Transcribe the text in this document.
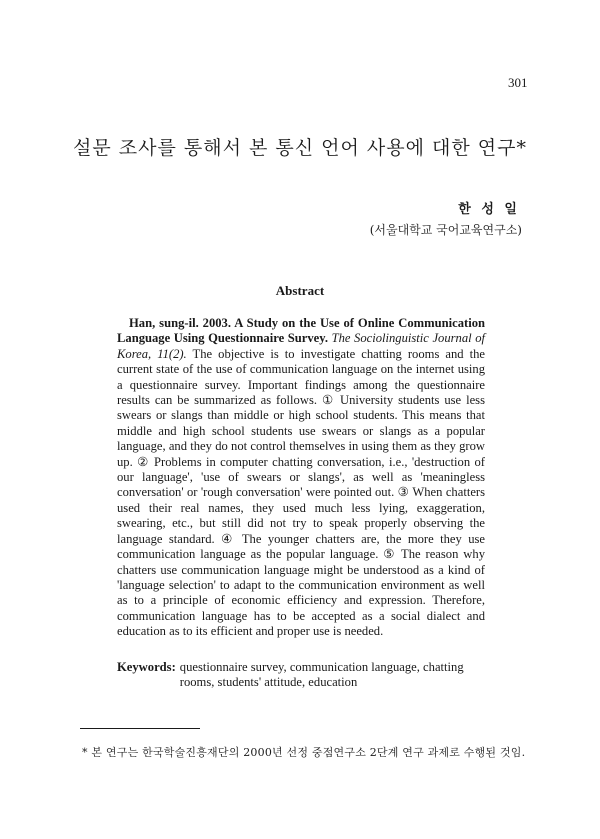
301
설문 조사를 통해서 본 통신 언어 사용에 대한 연구*
한 성 일
(서울대학교 국어교육연구소)
Abstract

Han, sung-il. 2003. A Study on the Use of Online Communication Language Using Questionnaire Survey. The Sociolinguistic Journal of Korea, 11(2). The objective is to investigate chatting rooms and the current state of the use of communication language on the internet using a questionnaire survey. Important findings among the questionnaire results can be summarized as follows. ① University students use less swears or slangs than middle or high school students. This means that middle and high school students use swears or slangs as a popular language, and they do not control themselves in using them as they grow up. ② Problems in computer chatting conversation, i.e., 'destruction of our language', 'use of swears or slangs', as well as 'meaningless conversation' or 'rough conversation' were pointed out. ③ When chatters used their real names, they used much less lying, exaggeration, swearing, etc., but still did not try to speak properly observing the language standard. ④ The younger chatters are, the more they use communication language as the popular language. ⑤ The reason why chatters use communication language might be understood as a kind of 'language selection' to adapt to the communication environment as well as to a principle of economic efficiency and expression. Therefore, communication language has to be accepted as a social dialect and education as to its efficient and proper use is needed.

Keywords: questionnaire survey, communication language, chatting rooms, students' attitude, education
* 본 연구는 한국학술진흥재단의 2000년 선정 중점연구소 2단계 연구 과제로 수행된 것임.
